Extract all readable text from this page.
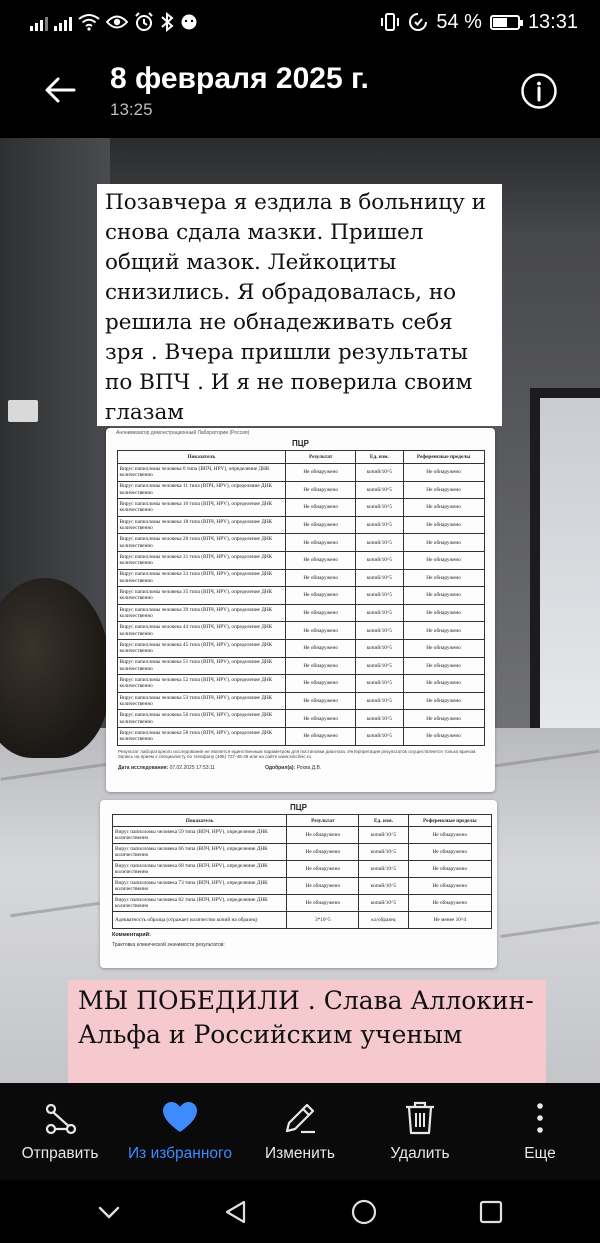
54 % 13:31
8 февраля 2025 г.
13:25
Позавчера я ездила в больницу и снова сдала мазки. Пришел общий мазок. Лейкоциты снизились. Я обрадовалась, но решила не обнадеживать себя зря . Вчера пришли результаты по ВПЧ . И я не поверила своим глазам
Анонимизатор демонстрационный Лаборатории (Россия)
ПЦР
Показатель	Результат	Ед. изм.	Референсные пределы
Вирус папилломы человека 6 типа (ВПЧ, HPV), определение ДНК количественно	Не обнаружено	копий/10^5	Не обнаружено
Вирус папилломы человека 11 типа (ВПЧ, HPV), определение ДНК количественно	Не обнаружено	копий/10^5	Не обнаружено
Вирус папилломы человека 16 типа (ВПЧ, HPV), определение ДНК количественно	Не обнаружено	копий/10^5	Не обнаружено
Вирус папилломы человека 18 типа (ВПЧ, HPV), определение ДНК количественно	Не обнаружено	копий/10^5	Не обнаружено
Вирус папилломы человека 26 типа (ВПЧ, HPV), определение ДНК количественно	Не обнаружено	копий/10^5	Не обнаружено
Вирус папилломы человека 31 типа (ВПЧ, HPV), определение ДНК количественно	Не обнаружено	копий/10^5	Не обнаружено
Вирус папилломы человека 33 типа (ВПЧ, HPV), определение ДНК количественно	Не обнаружено	копий/10^5	Не обнаружено
Вирус папилломы человека 35 типа (ВПЧ, HPV), определение ДНК количественно	Не обнаружено	копий/10^5	Не обнаружено
Вирус папилломы человека 39 типа (ВПЧ, HPV), определение ДНК количественно	Не обнаружено	копий/10^5	Не обнаружено
Вирус папилломы человека 44 типа (ВПЧ, HPV), определение ДНК количественно	Не обнаружено	копий/10^5	Не обнаружено
Вирус папилломы человека 45 типа (ВПЧ, HPV), определение ДНК количественно	Не обнаружено	копий/10^5	Не обнаружено
Вирус папилломы человека 51 типа (ВПЧ, HPV), определение ДНК количественно	Не обнаружено	копий/10^5	Не обнаружено
Вирус папилломы человека 52 типа (ВПЧ, HPV), определение ДНК количественно	Не обнаружено	копий/10^5	Не обнаружено
Вирус папилломы человека 53 типа (ВПЧ, HPV), определение ДНК количественно	Не обнаружено	копий/10^5	Не обнаружено
Вирус папилломы человека 56 типа (ВПЧ, HPV), определение ДНК количественно	Не обнаружено	копий/10^5	Не обнаружено
Вирус папилломы человека 58 типа (ВПЧ, HPV), определение ДНК количественно	Не обнаружено	копий/10^5	Не обнаружено
Результат лабораторного исследования не является единственным параметром для постановки диагноза. Интерпретация результатов осуществляется только врачом. Запись на прием к специалисту по телефону (495) 727-48-49 или на сайте www.smclinic.ru
Дата исследования: 07.02.2025 17:53:11	Одобрил(а): Рохва Д.В.
ПЦР
Показатель	Результат	Ед. изм.	Референсные пределы
Вирус папилломы человека 59 типа (ВПЧ, HPV), определение ДНК количественно	Не обнаружено	копий/10^5	Не обнаружено
Вирус папилломы человека 66 типа (ВПЧ, HPV), определение ДНК количественно	Не обнаружено	копий/10^5	Не обнаружено
Вирус папилломы человека 68 типа (ВПЧ, HPV), определение ДНК количественно	Не обнаружено	копий/10^5	Не обнаружено
Вирус папилломы человека 73 типа (ВПЧ, HPV), определение ДНК количественно	Не обнаружено	копий/10^5	Не обнаружено
Вирус папилломы человека 82 типа (ВПЧ, HPV), определение ДНК количественно	Не обнаружено	копий/10^5	Не обнаружено
Адекватность образца (отражает количество копий на образец)	3*10^5	кл/образец	Не менее 10^4
Комментарий:
Трактовка клинической значимости результатов:
МЫ ПОБЕДИЛИ . Слава Аллокин-Альфа и Российским ученым
Отправить Из избранного Изменить	Удалить	Еще
